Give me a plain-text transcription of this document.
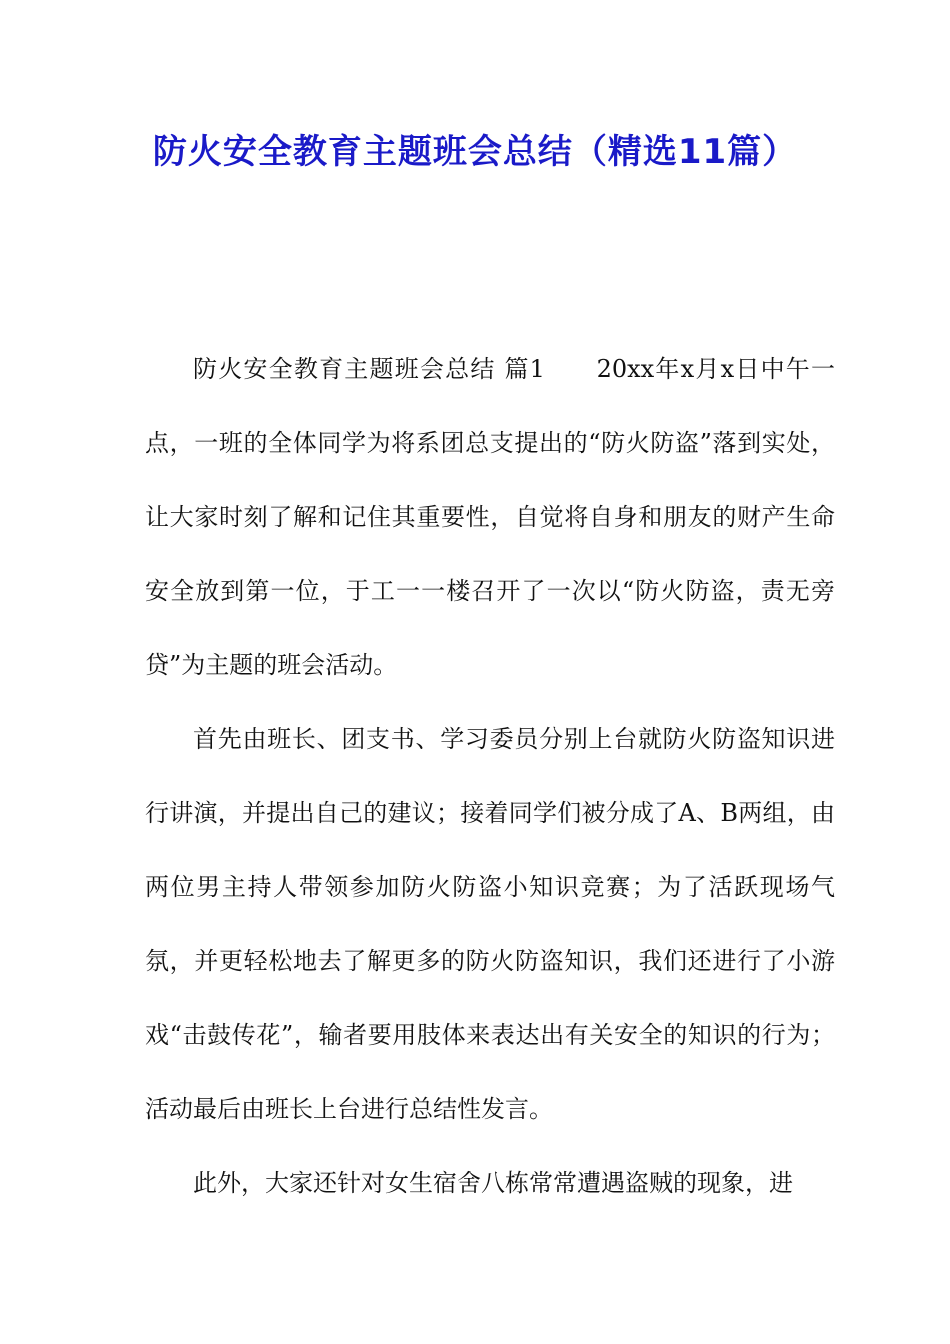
防火安全教育主题班会总结（精选11篇）

防火安全教育主题班会总结 篇1　　20xx年x月x日中午一点，一班的全体同学为将系团总支提出的“防火防盗”落到实处，让大家时刻了解和记住其重要性，自觉将自身和朋友的财产生命安全放到第一位，于工一一楼召开了一次以“防火防盗，责无旁贷”为主题的班会活动。

首先由班长、团支书、学习委员分别上台就防火防盗知识进行讲演，并提出自己的建议；接着同学们被分成了A、B两组，由两位男主持人带领参加防火防盗小知识竞赛；为了活跃现场气氛，并更轻松地去了解更多的防火防盗知识，我们还进行了小游戏“击鼓传花”，输者要用肢体来表达出有关安全的知识的行为；活动最后由班长上台进行总结性发言。

此外，大家还针对女生宿舍八栋常常遭遇盗贼的现象，进
